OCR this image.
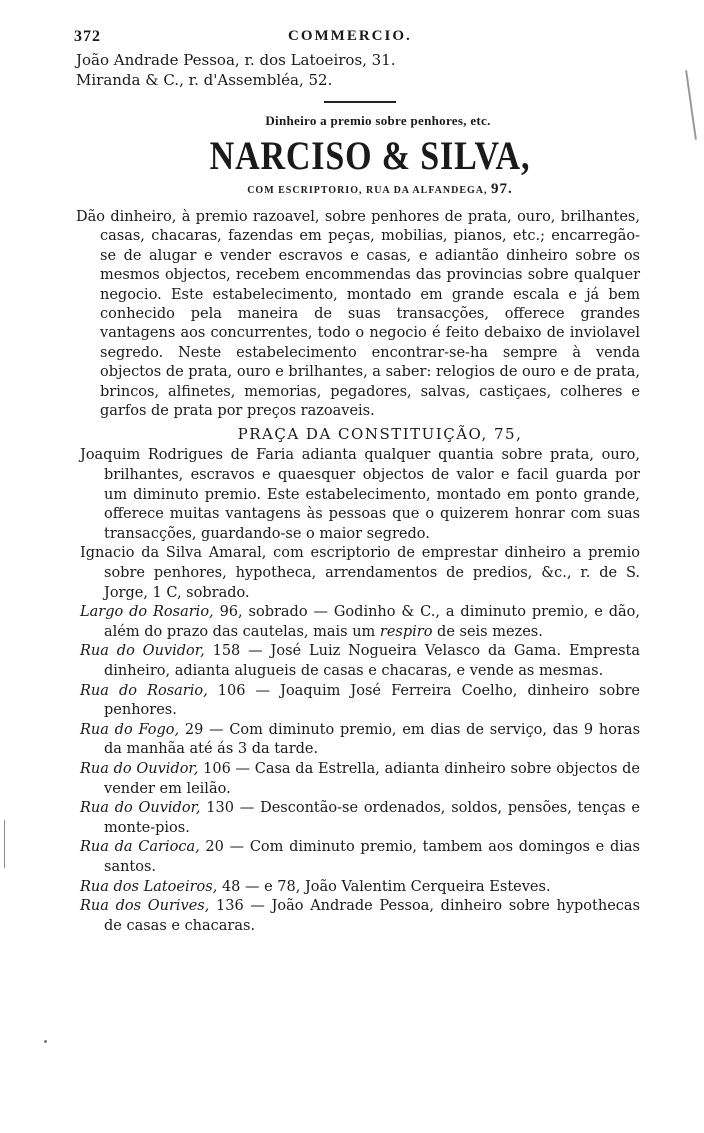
372	COMMERCIO.
João Andrade Pessoa, r. dos Latoeiros, 31.
Miranda & C., r. d'Assembléa, 52.
Dinheiro a premio sobre penhores, etc.
NARCISO & SILVA,
COM ESCRIPTORIO, RUA DA ALFANDEGA, 97.

Dão dinheiro, à premio razoavel, sobre penhores de prata, ouro, brilhantes, casas, chacaras, fazendas em peças, mobilias, pianos, etc.; encarregão-se de alugar e vender escravos e casas, e adiantão dinheiro sobre os mesmos objectos, recebem encommendas das provincias sobre qualquer negocio. Este estabelecimento, montado em grande escala e já bem conhecido pela maneira de suas transacções, offerece grandes vantagens aos concurrentes, todo o negocio é feito debaixo de inviolavel segredo. Neste estabelecimento encontrar-se-ha sempre à venda objectos de prata, ouro e brilhantes, a saber: relogios de ouro e de prata, brincos, alfinetes, memorias, pegadores, salvas, castiçaes, colheres e garfos de prata por preços razoaveis.

PRAÇA DA CONSTITUIÇÃO, 75,

Joaquim Rodrigues de Faria adianta qualquer quantia sobre prata, ouro, brilhantes, escravos e quaesquer objectos de valor e facil guarda por um diminuto premio. Este estabelecimento, montado em ponto grande, offerece muitas vantagens às pessoas que o quizerem honrar com suas transacções, guardando-se o maior segredo.

Ignacio da Silva Amaral, com escriptorio de emprestar dinheiro a premio sobre penhores, hypotheca, arrendamentos de predios, &c., r. de S. Jorge, 1 C, sobrado.

Largo do Rosario, 96, sobrado — Godinho & C., a diminuto premio, e dão, além do prazo das cautelas, mais um respiro de seis mezes.

Rua do Ouvidor, 158 — José Luiz Nogueira Velasco da Gama. Empresta dinheiro, adianta alugueis de casas e chacaras, e vende as mesmas.

Rua do Rosario, 106 — Joaquim José Ferreira Coelho, dinheiro sobre penhores.

Rua do Fogo, 29 — Com diminuto premio, em dias de serviço, das 9 horas da manhãa até ás 3 da tarde.

Rua do Ouvidor, 106 — Casa da Estrella, adianta dinheiro sobre objectos de vender em leilão.

Rua do Ouvidor, 130 — Descontão-se ordenados, soldos, pensões, tenças e monte-pios.

Rua da Carioca, 20 — Com diminuto premio, tambem aos domingos e dias santos.

Rua dos Latoeiros, 48 — e 78, João Valentim Cerqueira Esteves.

Rua dos Ourives, 136 — João Andrade Pessoa, dinheiro sobre hypothecas de casas e chacaras.
